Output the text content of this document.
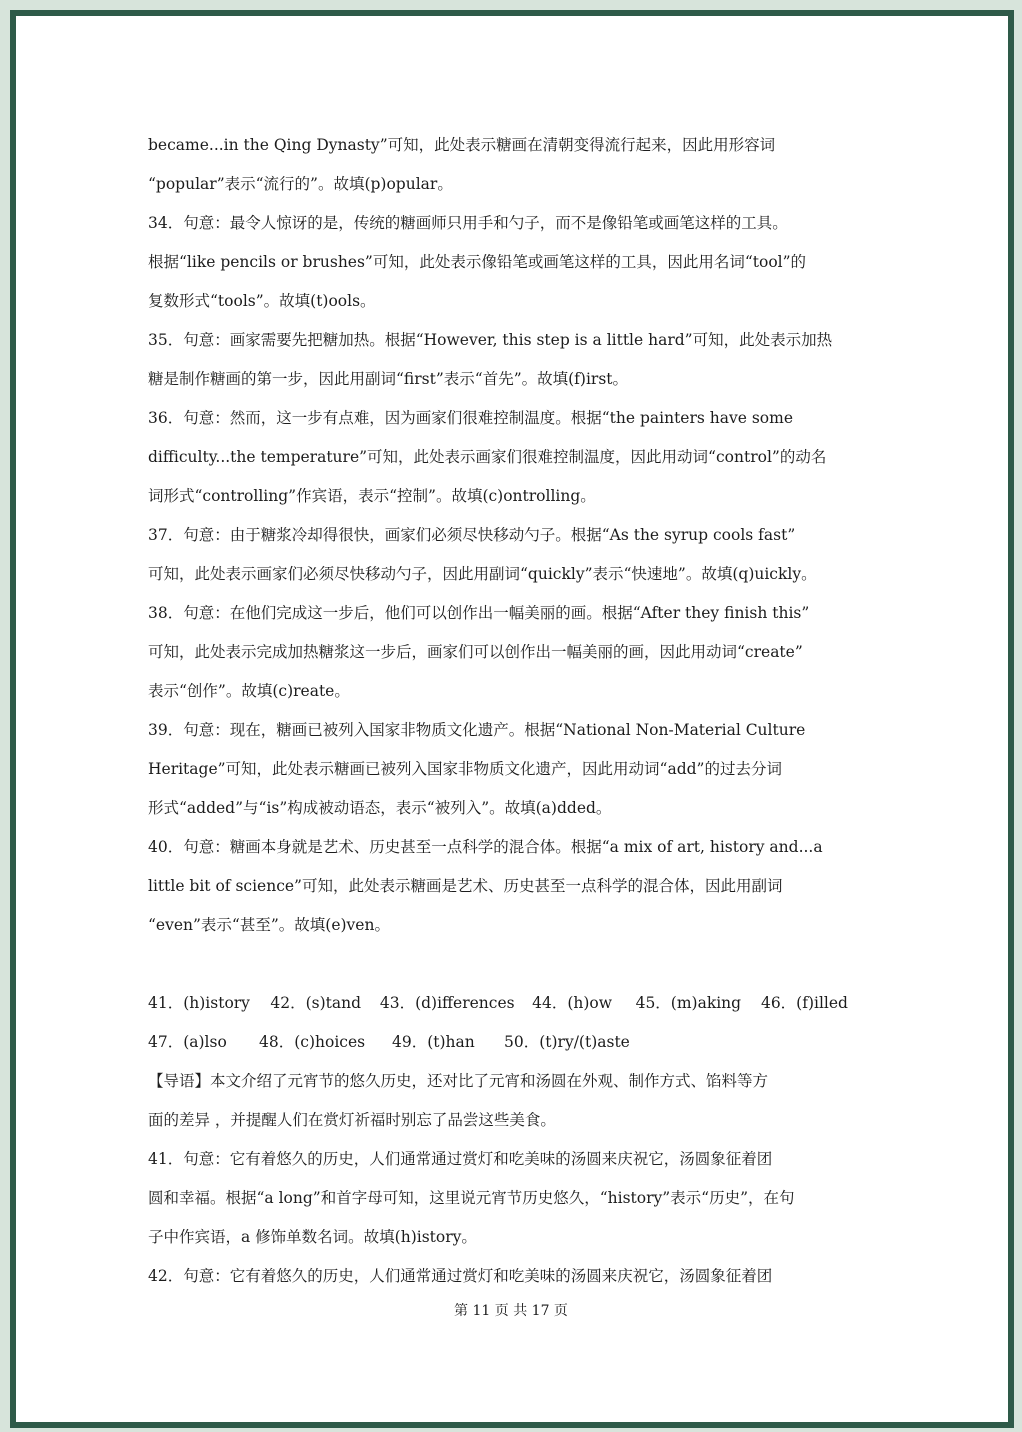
became...in the Qing Dynasty”可知，此处表示糖画在清朝变得流行起来，因此用形容词
“popular”表示“流行的”。故填(p)opular。
34．句意：最令人惊讶的是，传统的糖画师只用手和勺子，而不是像铅笔或画笔这样的工具。
根据“like pencils or brushes”可知，此处表示像铅笔或画笔这样的工具，因此用名词“tool”的
复数形式“tools”。故填(t)ools。
35．句意：画家需要先把糖加热。根据“However, this step is a little hard”可知，此处表示加热
糖是制作糖画的第一步，因此用副词“first”表示“首先”。故填(f)irst。
36．句意：然而，这一步有点难，因为画家们很难控制温度。根据“the painters have some
difficulty...the temperature”可知，此处表示画家们很难控制温度，因此用动词“control”的动名
词形式“controlling”作宾语，表示“控制”。故填(c)ontrolling。
37．句意：由于糖浆冷却得很快，画家们必须尽快移动勺子。根据“As the syrup cools fast”
可知，此处表示画家们必须尽快移动勺子，因此用副词“quickly”表示“快速地”。故填(q)uickly。
38．句意：在他们完成这一步后，他们可以创作出一幅美丽的画。根据“After they finish this”
可知，此处表示完成加热糖浆这一步后，画家们可以创作出一幅美丽的画，因此用动词“create”
表示“创作”。故填(c)reate。
39．句意：现在，糖画已被列入国家非物质文化遗产。根据“National Non-Material Culture
Heritage”可知，此处表示糖画已被列入国家非物质文化遗产，因此用动词“add”的过去分词
形式“added”与“is”构成被动语态，表示“被列入”。故填(a)dded。
40．句意：糖画本身就是艺术、历史甚至一点科学的混合体。根据“a mix of art, history and...a
little bit of science”可知，此处表示糖画是艺术、历史甚至一点科学的混合体，因此用副词
“even”表示“甚至”。故填(e)ven。
41．(h)istory	42．(s)tand	43．(d)ifferences	44．(h)ow	45．(m)aking	46．(f)illed
47．(a)lso	48．(c)hoices	49．(t)han	50．(t)ry/(t)aste
【导语】本文介绍了元宵节的悠久历史，还对比了元宵和汤圆在外观、制作方式、馅料等方
面的差异 ，并提醒人们在赏灯祈福时别忘了品尝这些美食。
41．句意：它有着悠久的历史，人们通常通过赏灯和吃美味的汤圆来庆祝它，汤圆象征着团
圆和幸福。根据“a long”和首字母可知，这里说元宵节历史悠久，“history”表示“历史”，在句
子中作宾语，a 修饰单数名词。故填(h)istory。
42．句意：它有着悠久的历史，人们通常通过赏灯和吃美味的汤圆来庆祝它，汤圆象征着团
第 11 页 共 17 页
